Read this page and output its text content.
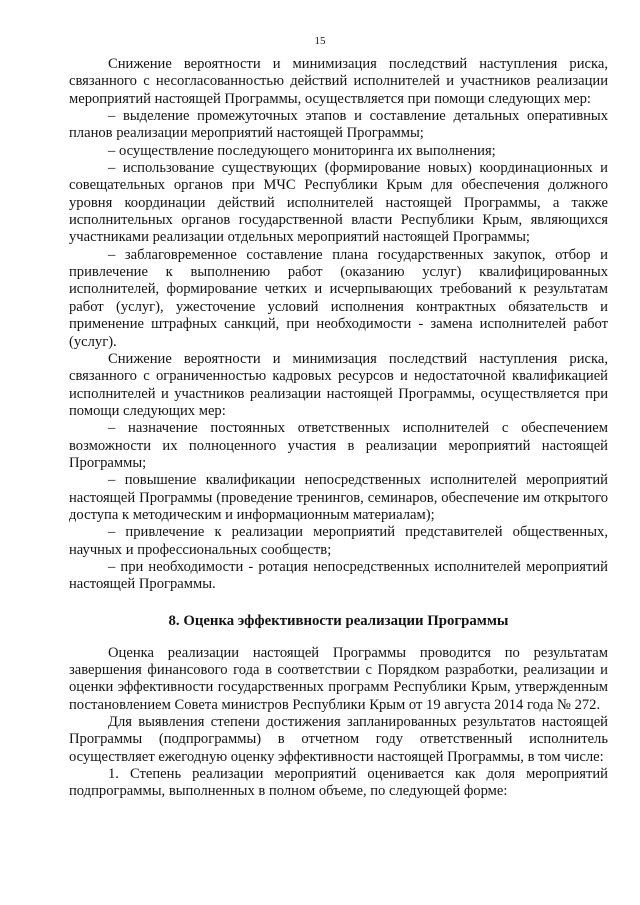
15

Снижение вероятности и минимизация последствий наступления риска, связанного с несогласованностью действий исполнителей и участников реализации мероприятий настоящей Программы, осуществляется при помощи следующих мер:

– выделение промежуточных этапов и составление детальных оперативных планов реализации мероприятий настоящей Программы;

– осуществление последующего мониторинга их выполнения;

– использование существующих (формирование новых) координационных и совещательных органов при МЧС Республики Крым для обеспечения должного уровня координации действий исполнителей настоящей Программы, а также исполнительных органов государственной власти Республики Крым, являющихся участниками реализации отдельных мероприятий настоящей Программы;

– заблаговременное составление плана государственных закупок, отбор и привлечение к выполнению работ (оказанию услуг) квалифицированных исполнителей, формирование четких и исчерпывающих требований к результатам работ (услуг), ужесточение условий исполнения контрактных обязательств и применение штрафных санкций, при необходимости - замена исполнителей работ (услуг).

Снижение вероятности и минимизация последствий наступления риска, связанного с ограниченностью кадровых ресурсов и недостаточной квалификацией исполнителей и участников реализации настоящей Программы, осуществляется при помощи следующих мер:

– назначение постоянных ответственных исполнителей с обеспечением возможности их полноценного участия в реализации мероприятий настоящей Программы;

– повышение квалификации непосредственных исполнителей мероприятий настоящей Программы (проведение тренингов, семинаров, обеспечение им открытого доступа к методическим и информационным материалам);

– привлечение к реализации мероприятий представителей общественных, научных и профессиональных сообществ;

– при необходимости - ротация непосредственных исполнителей мероприятий настоящей Программы.

8. Оценка эффективности реализации Программы

Оценка реализации настоящей Программы проводится по результатам завершения финансового года в соответствии с Порядком разработки, реализации и оценки эффективности государственных программ Республики Крым, утвержденным постановлением Совета министров Республики Крым от 19 августа 2014 года № 272.

Для выявления степени достижения запланированных результатов настоящей Программы (подпрограммы) в отчетном году ответственный исполнитель осуществляет ежегодную оценку эффективности настоящей Программы, в том числе:

1. Степень реализации мероприятий оценивается как доля мероприятий подпрограммы, выполненных в полном объеме, по следующей форме:
